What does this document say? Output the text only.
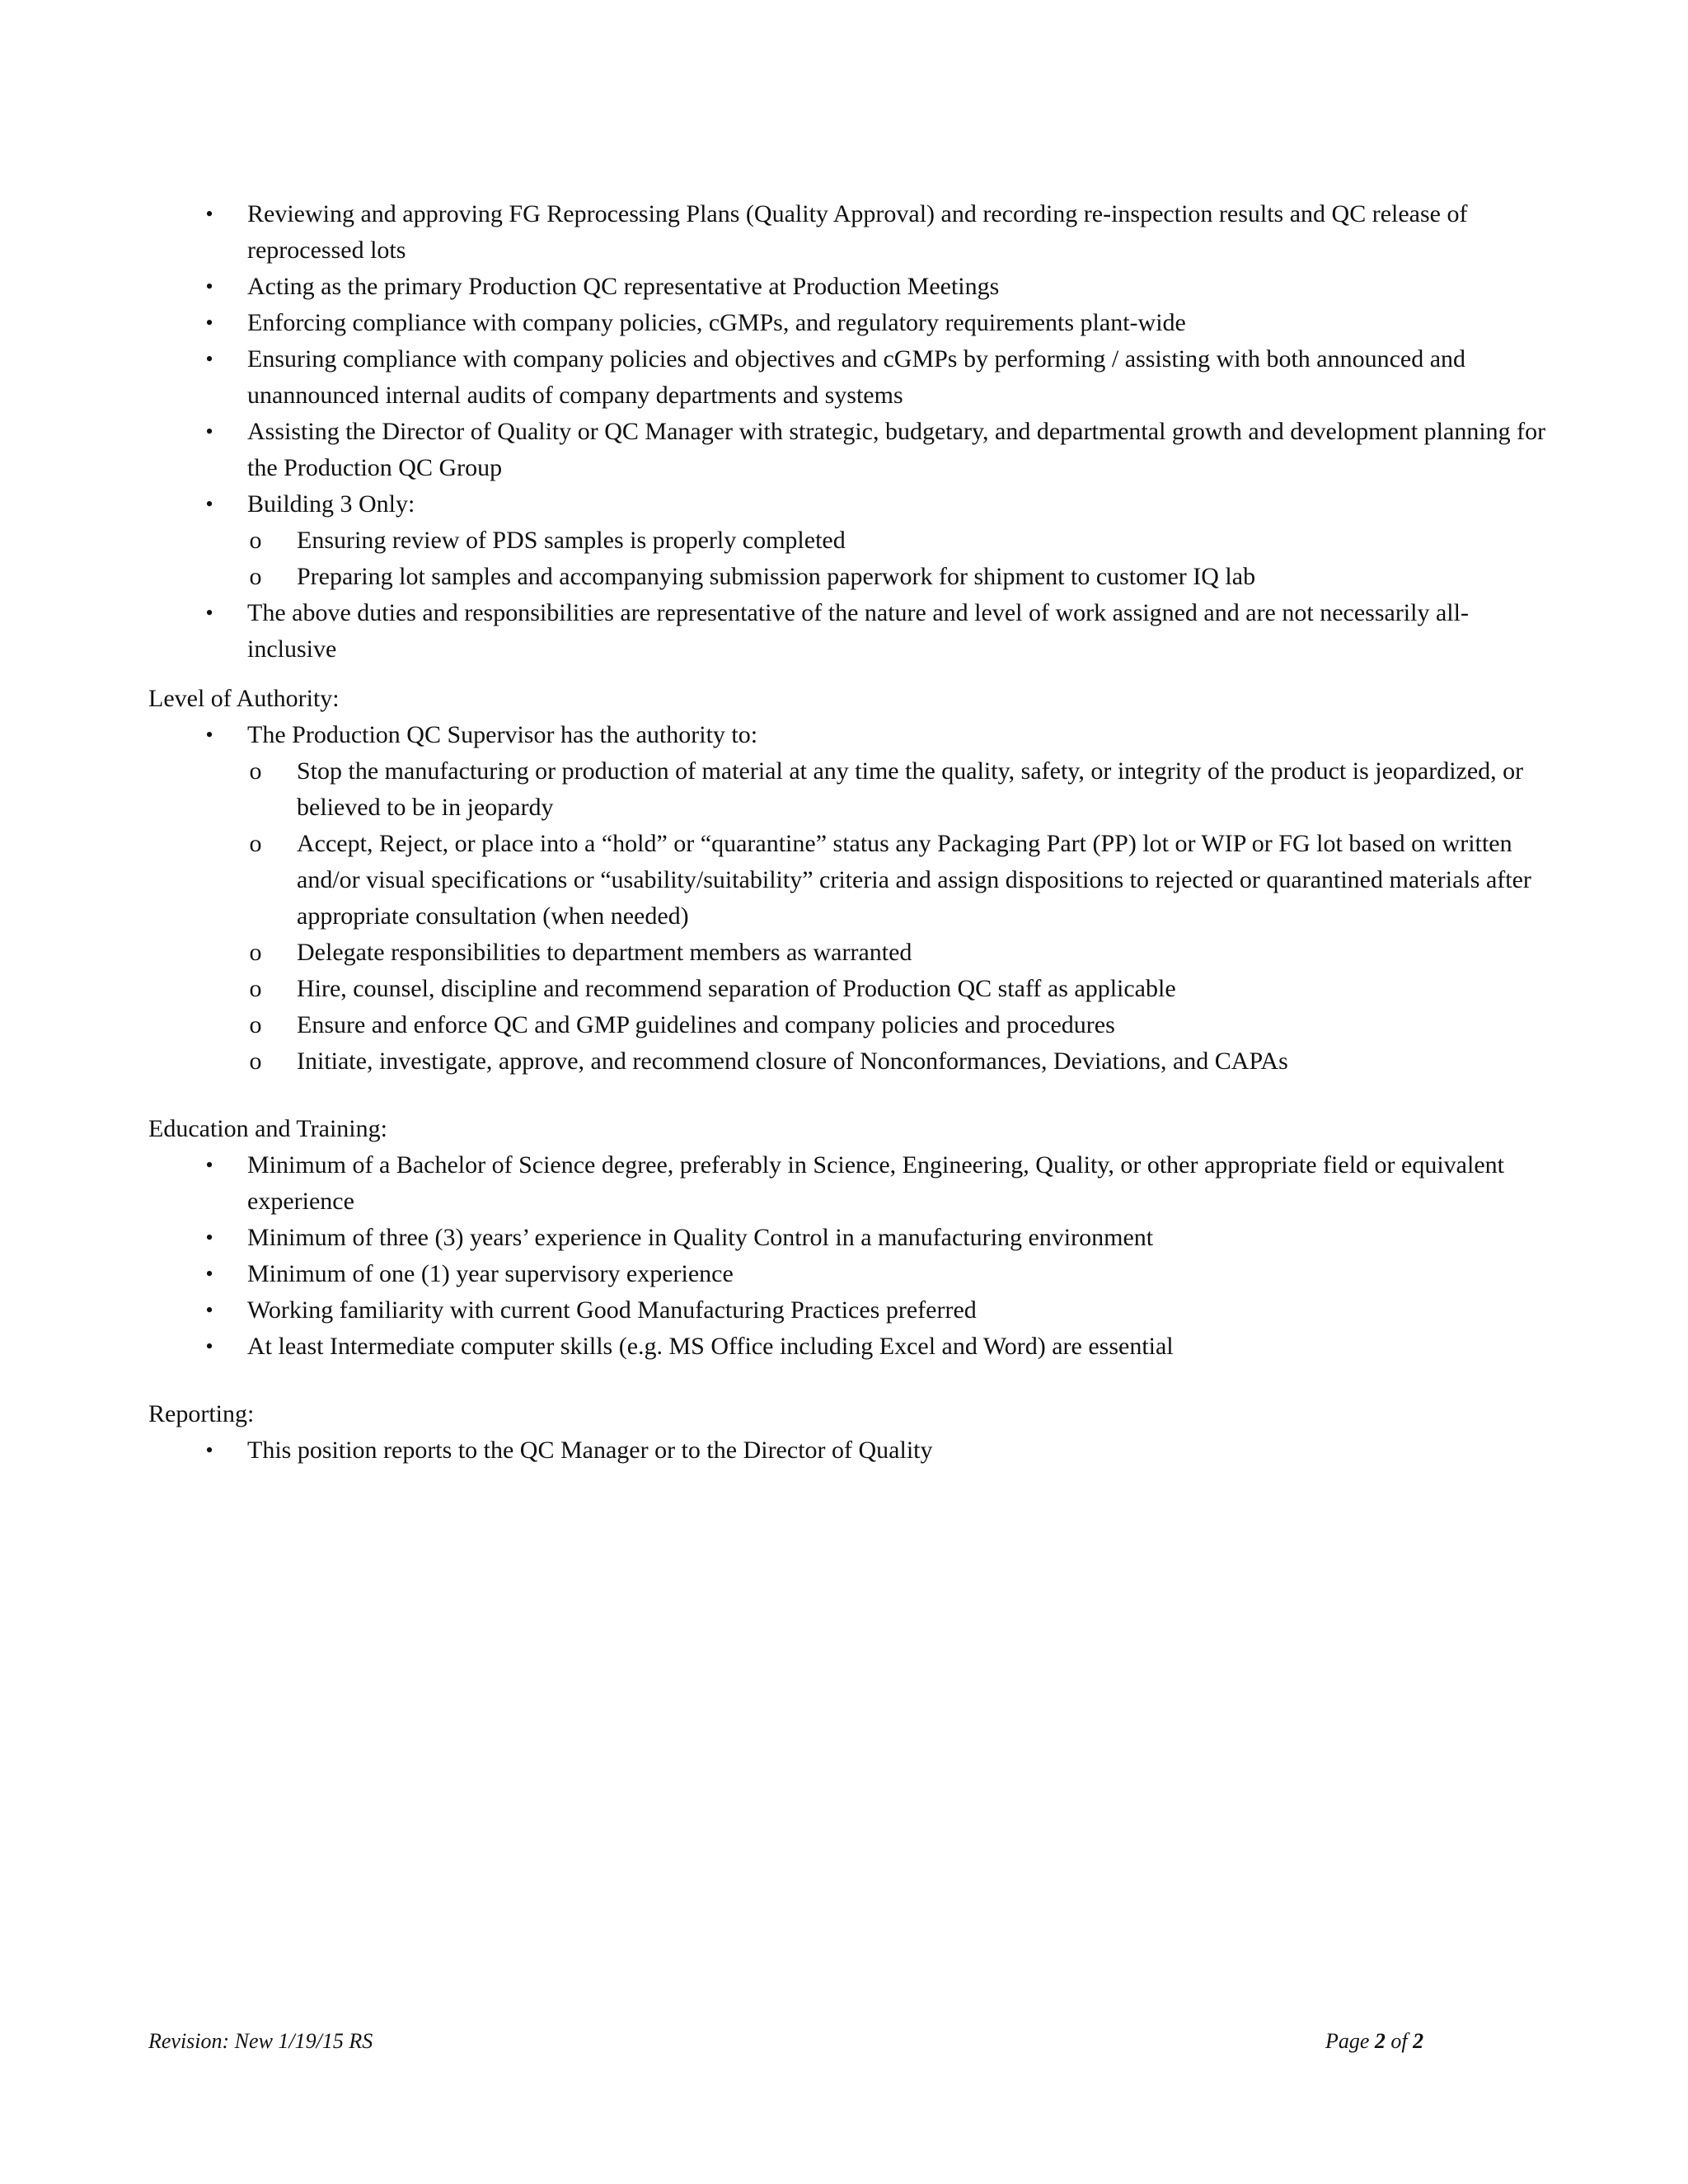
• Reviewing and approving FG Reprocessing Plans (Quality Approval) and recording re-inspection results and QC release of reprocessed lots
• Acting as the primary Production QC representative at Production Meetings
• Enforcing compliance with company policies, cGMPs, and regulatory requirements plant-wide
• Ensuring compliance with company policies and objectives and cGMPs by performing / assisting with both announced and unannounced internal audits of company departments and systems
• Assisting the Director of Quality or QC Manager with strategic, budgetary, and departmental growth and development planning for the Production QC Group
• Building 3 Only:
o Ensuring review of PDS samples is properly completed
o Preparing lot samples and accompanying submission paperwork for shipment to customer IQ lab
• The above duties and responsibilities are representative of the nature and level of work assigned and are not necessarily all-inclusive
Level of Authority:
• The Production QC Supervisor has the authority to:
o Stop the manufacturing or production of material at any time the quality, safety, or integrity of the product is jeopardized, or believed to be in jeopardy
o Accept, Reject, or place into a “hold” or “quarantine” status any Packaging Part (PP) lot or WIP or FG lot based on written and/or visual specifications or “usability/suitability” criteria and assign dispositions to rejected or quarantined materials after appropriate consultation (when needed)
o Delegate responsibilities to department members as warranted
o Hire, counsel, discipline and recommend separation of Production QC staff as applicable
o Ensure and enforce QC and GMP guidelines and company policies and procedures
o Initiate, investigate, approve, and recommend closure of Nonconformances, Deviations, and CAPAs
Education and Training:
• Minimum of a Bachelor of Science degree, preferably in Science, Engineering, Quality, or other appropriate field or equivalent experience
• Minimum of three (3) years’ experience in Quality Control in a manufacturing environment
• Minimum of one (1) year supervisory experience
• Working familiarity with current Good Manufacturing Practices preferred
• At least Intermediate computer skills (e.g. MS Office including Excel and Word) are essential
Reporting:
• This position reports to the QC Manager or to the Director of Quality
Revision: New 1/19/15 RS	Page 2 of 2
